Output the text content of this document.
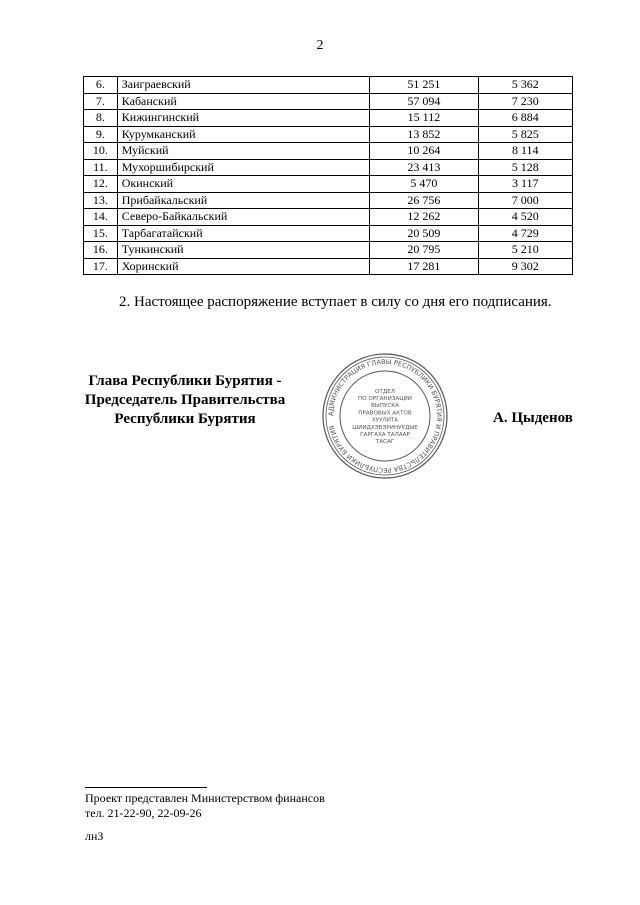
2
6.	Заиграевский	51 251	5 362
7.	Кабанский	57 094	7 230
8.	Кижингинский	15 112	6 884
9.	Курумканский	13 852	5 825
10.	Муйский	10 264	8 114
11.	Мухоршибирский	23 413	5 128
12.	Окинский	5 470	3 117
13.	Прибайкальский	26 756	7 000
14.	Северо-Байкальский	12 262	4 520
15.	Тарбагатайский	20 509	4 729
16.	Тункинский	20 795	5 210
17.	Хоринский	17 281	9 302
2. Настоящее распоряжение вступает в силу со дня его подписания.
Глава Республики Бурятия -
Председатель Правительства
Республики Бурятия	АДМИНИСТРАЦИЯ ГЛАВЫ РЕСПУБЛИКИ БУРЯТИЯ И ПРАВИТЕЛЬСТВА РЕСПУБЛИКИ БУРЯТИЯ
ОТДЕЛ
ПО ОРГАНИЗАЦИИ
ВЫПУСКА
ПРАВОВЫХ АКТОВ
ХУУЛИТА
ШИИДХЭБЭРИНУУДЫЕ
ГАРГАХА ТАЛААР
ТАСАГ
А. Цыденов
Проект представлен Министерством финансов
тел. 21-22-90, 22-09-26
лнЗ
